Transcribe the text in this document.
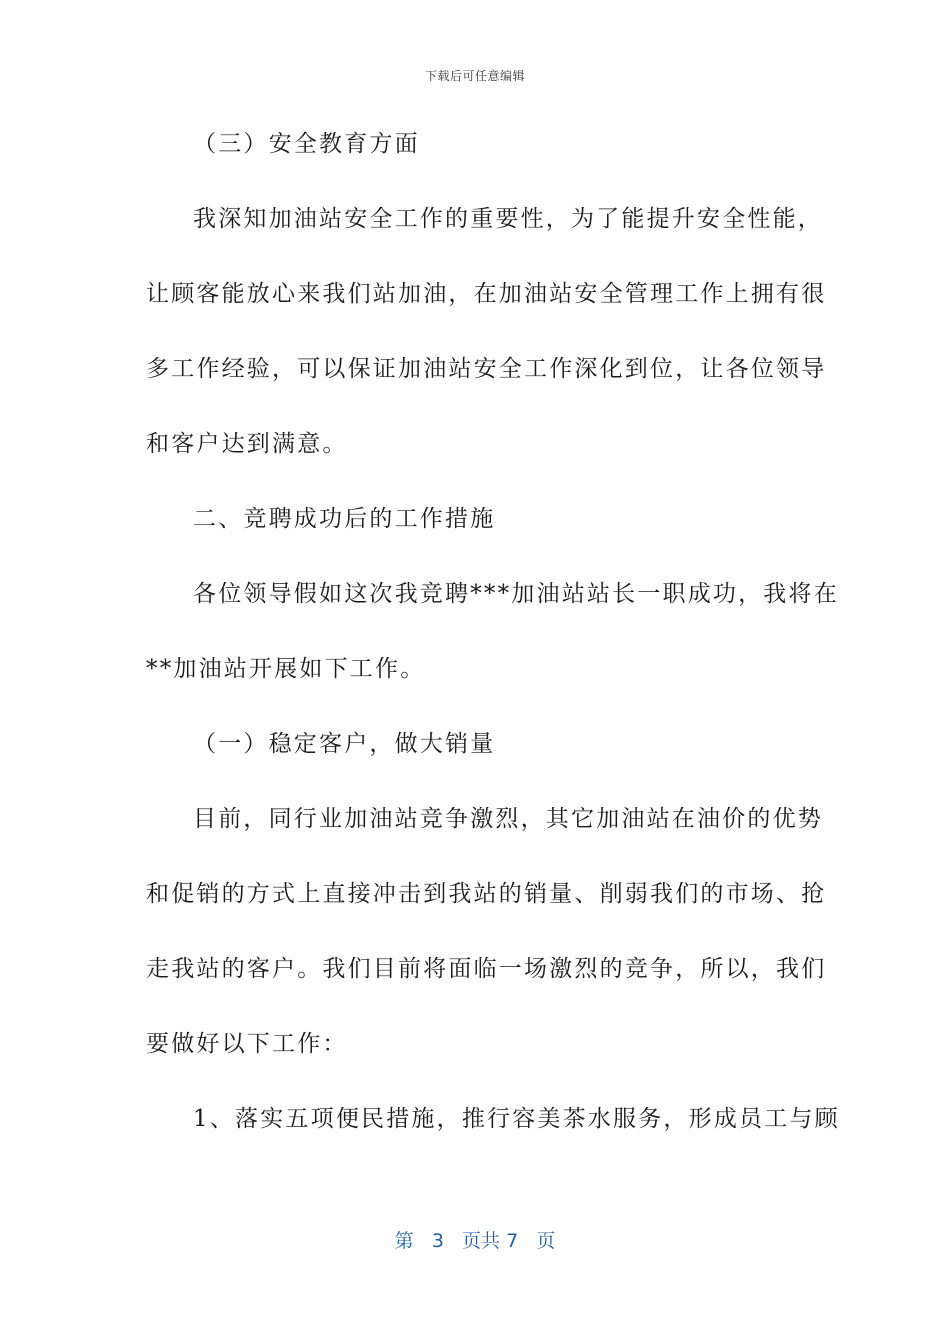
下载后可任意编辑
（三）安全教育方面
我深知加油站安全工作的重要性，为了能提升安全性能，
让顾客能放心来我们站加油，在加油站安全管理工作上拥有很
多工作经验，可以保证加油站安全工作深化到位，让各位领导
和客户达到满意。
二、竞聘成功后的工作措施
各位领导假如这次我竞聘***加油站站长一职成功，我将在
**加油站开展如下工作。
（一）稳定客户，做大销量
目前，同行业加油站竞争激烈，其它加油站在油价的优势
和促销的方式上直接冲击到我站的销量、削弱我们的市场、抢
走我站的客户。我们目前将面临一场激烈的竞争，所以，我们
要做好以下工作：
1、落实五项便民措施，推行容美茶水服务，形成员工与顾
第 3 页共 7 页
